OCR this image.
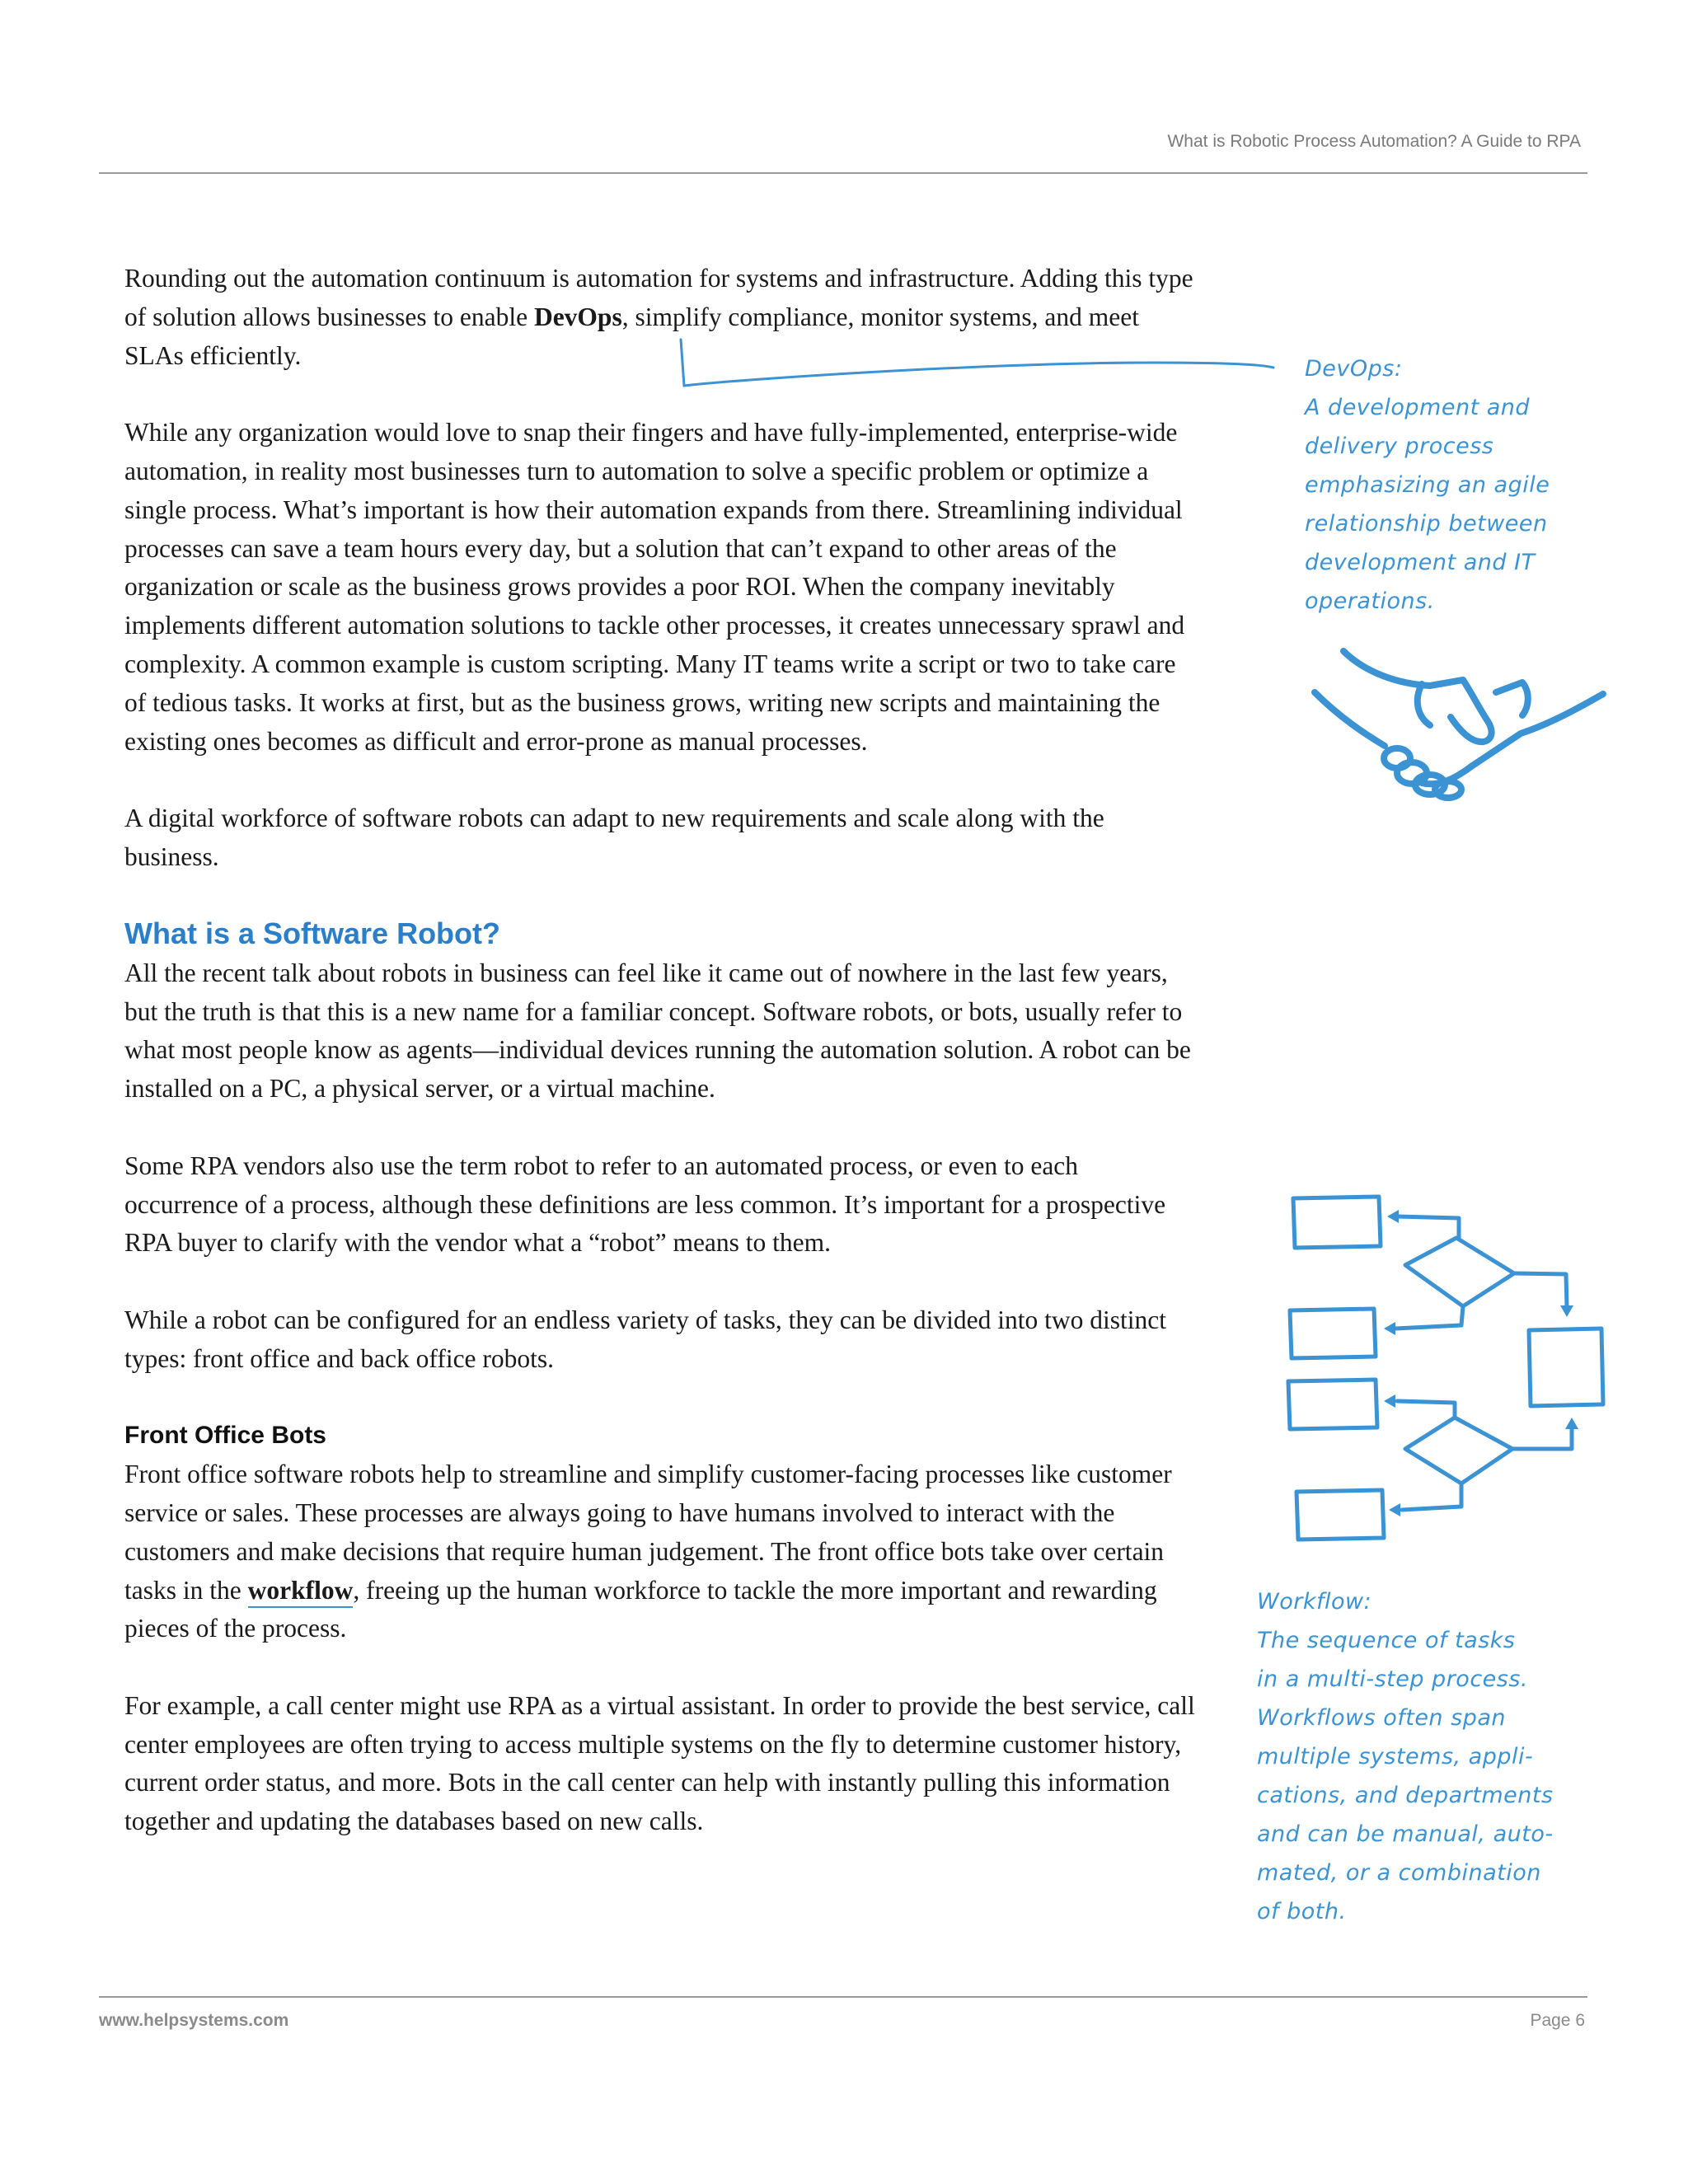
What is Robotic Process Automation? A Guide to RPA

Rounding out the automation continuum is automation for systems and infrastructure. Adding this type of solution allows businesses to enable DevOps, simplify compliance, monitor systems, and meet SLAs efficiently.

While any organization would love to snap their fingers and have fully-implemented, enterprise-wide automation, in reality most businesses turn to automation to solve a specific problem or optimize a single process. What’s important is how their automation expands from there. Streamlining individual processes can save a team hours every day, but a solution that can’t expand to other areas of the organization or scale as the business grows provides a poor ROI. When the company inevitably implements different automation solutions to tackle other processes, it creates unnecessary sprawl and complexity. A common example is custom scripting. Many IT teams write a script or two to take care of tedious tasks. It works at first, but as the business grows, writing new scripts and maintaining the existing ones becomes as difficult and error-prone as manual processes.

A digital workforce of software robots can adapt to new requirements and scale along with the business.

What is a Software Robot?

All the recent talk about robots in business can feel like it came out of nowhere in the last few years, but the truth is that this is a new name for a familiar concept. Software robots, or bots, usually refer to what most people know as agents—individual devices running the automation solution. A robot can be installed on a PC, a physical server, or a virtual machine.

Some RPA vendors also use the term robot to refer to an automated process, or even to each occurrence of a process, although these definitions are less common. It’s important for a prospective RPA buyer to clarify with the vendor what a “robot” means to them.

While a robot can be configured for an endless variety of tasks, they can be divided into two distinct types: front office and back office robots.

Front Office Bots

Front office software robots help to streamline and simplify customer-facing processes like customer service or sales. These processes are always going to have humans involved to interact with the customers and make decisions that require human judgement. The front office bots take over certain tasks in the workflow, freeing up the human workforce to tackle the more important and rewarding pieces of the process.

For example, a call center might use RPA as a virtual assistant. In order to provide the best service, call center employees are often trying to access multiple systems on the fly to determine customer history, current order status, and more. Bots in the call center can help with instantly pulling this information together and updating the databases based on new calls.

DevOps:
A development and
delivery process
emphasizing an agile
relationship between
development and IT
operations.
Workflow:
The sequence of tasks
in a multi-step process.
Workflows often span
multiple systems, appli-
cations, and departments
and can be manual, auto-
mated, or a combination
of both.
www.helpsystems.com	Page 6
